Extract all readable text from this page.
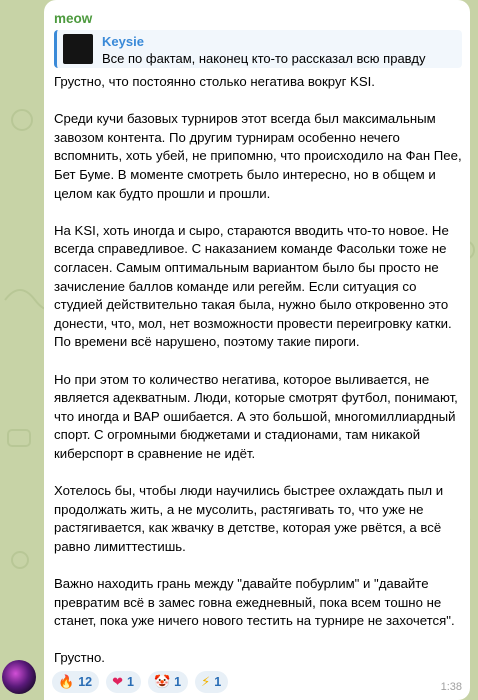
meow
Keysie
Все по фактам, наконец кто-то рассказал всю правду

Грустно, что постоянно столько негатива вокруг KSI.

Среди кучи базовых турниров этот всегда был максимальным завозом контента. По другим турнирам особенно нечего вспомнить, хоть убей, не припомню, что происходило на Фан Пее, Бет Буме. В моменте смотреть было интересно, но в общем и целом как будто прошли и прошли.

На KSI, хоть иногда и сыро, стараются вводить что-то новое. Не всегда справедливое. С наказанием команде Фасольки тоже не согласен. Самым оптимальным вариантом было бы просто не зачисление баллов команде или регейм. Если ситуация со студией действительно такая была, нужно было откровенно это донести, что, мол, нет возможности провести переигровку катки. По времени всё нарушено, поэтому такие пироги.

Но при этом то количество негатива, которое выливается, не является адекватным. Люди, которые смотрят футбол, понимают, что иногда и ВАР ошибается. А это большой, многомиллиардный спорт. С огромными бюджетами и стадионами, там никакой киберспорт в сравнение не идёт.

Хотелось бы, чтобы люди научились быстрее охлаждать пыл и продолжать жить, а не мусолить, растягивать то, что уже не растягивается, как жвачку в детстве, которая уже рвётся, а всё равно лимиттестишь.

Важно находить грань между "давайте побурлим" и "давайте превратим всё в замес говна ежедневный, пока всем тошно не станет, пока уже ничего нового тестить на турнире не захочется".

Грустно.

🔥 12 ❤ 1 🤡 1 ⚡ 1	1:38
